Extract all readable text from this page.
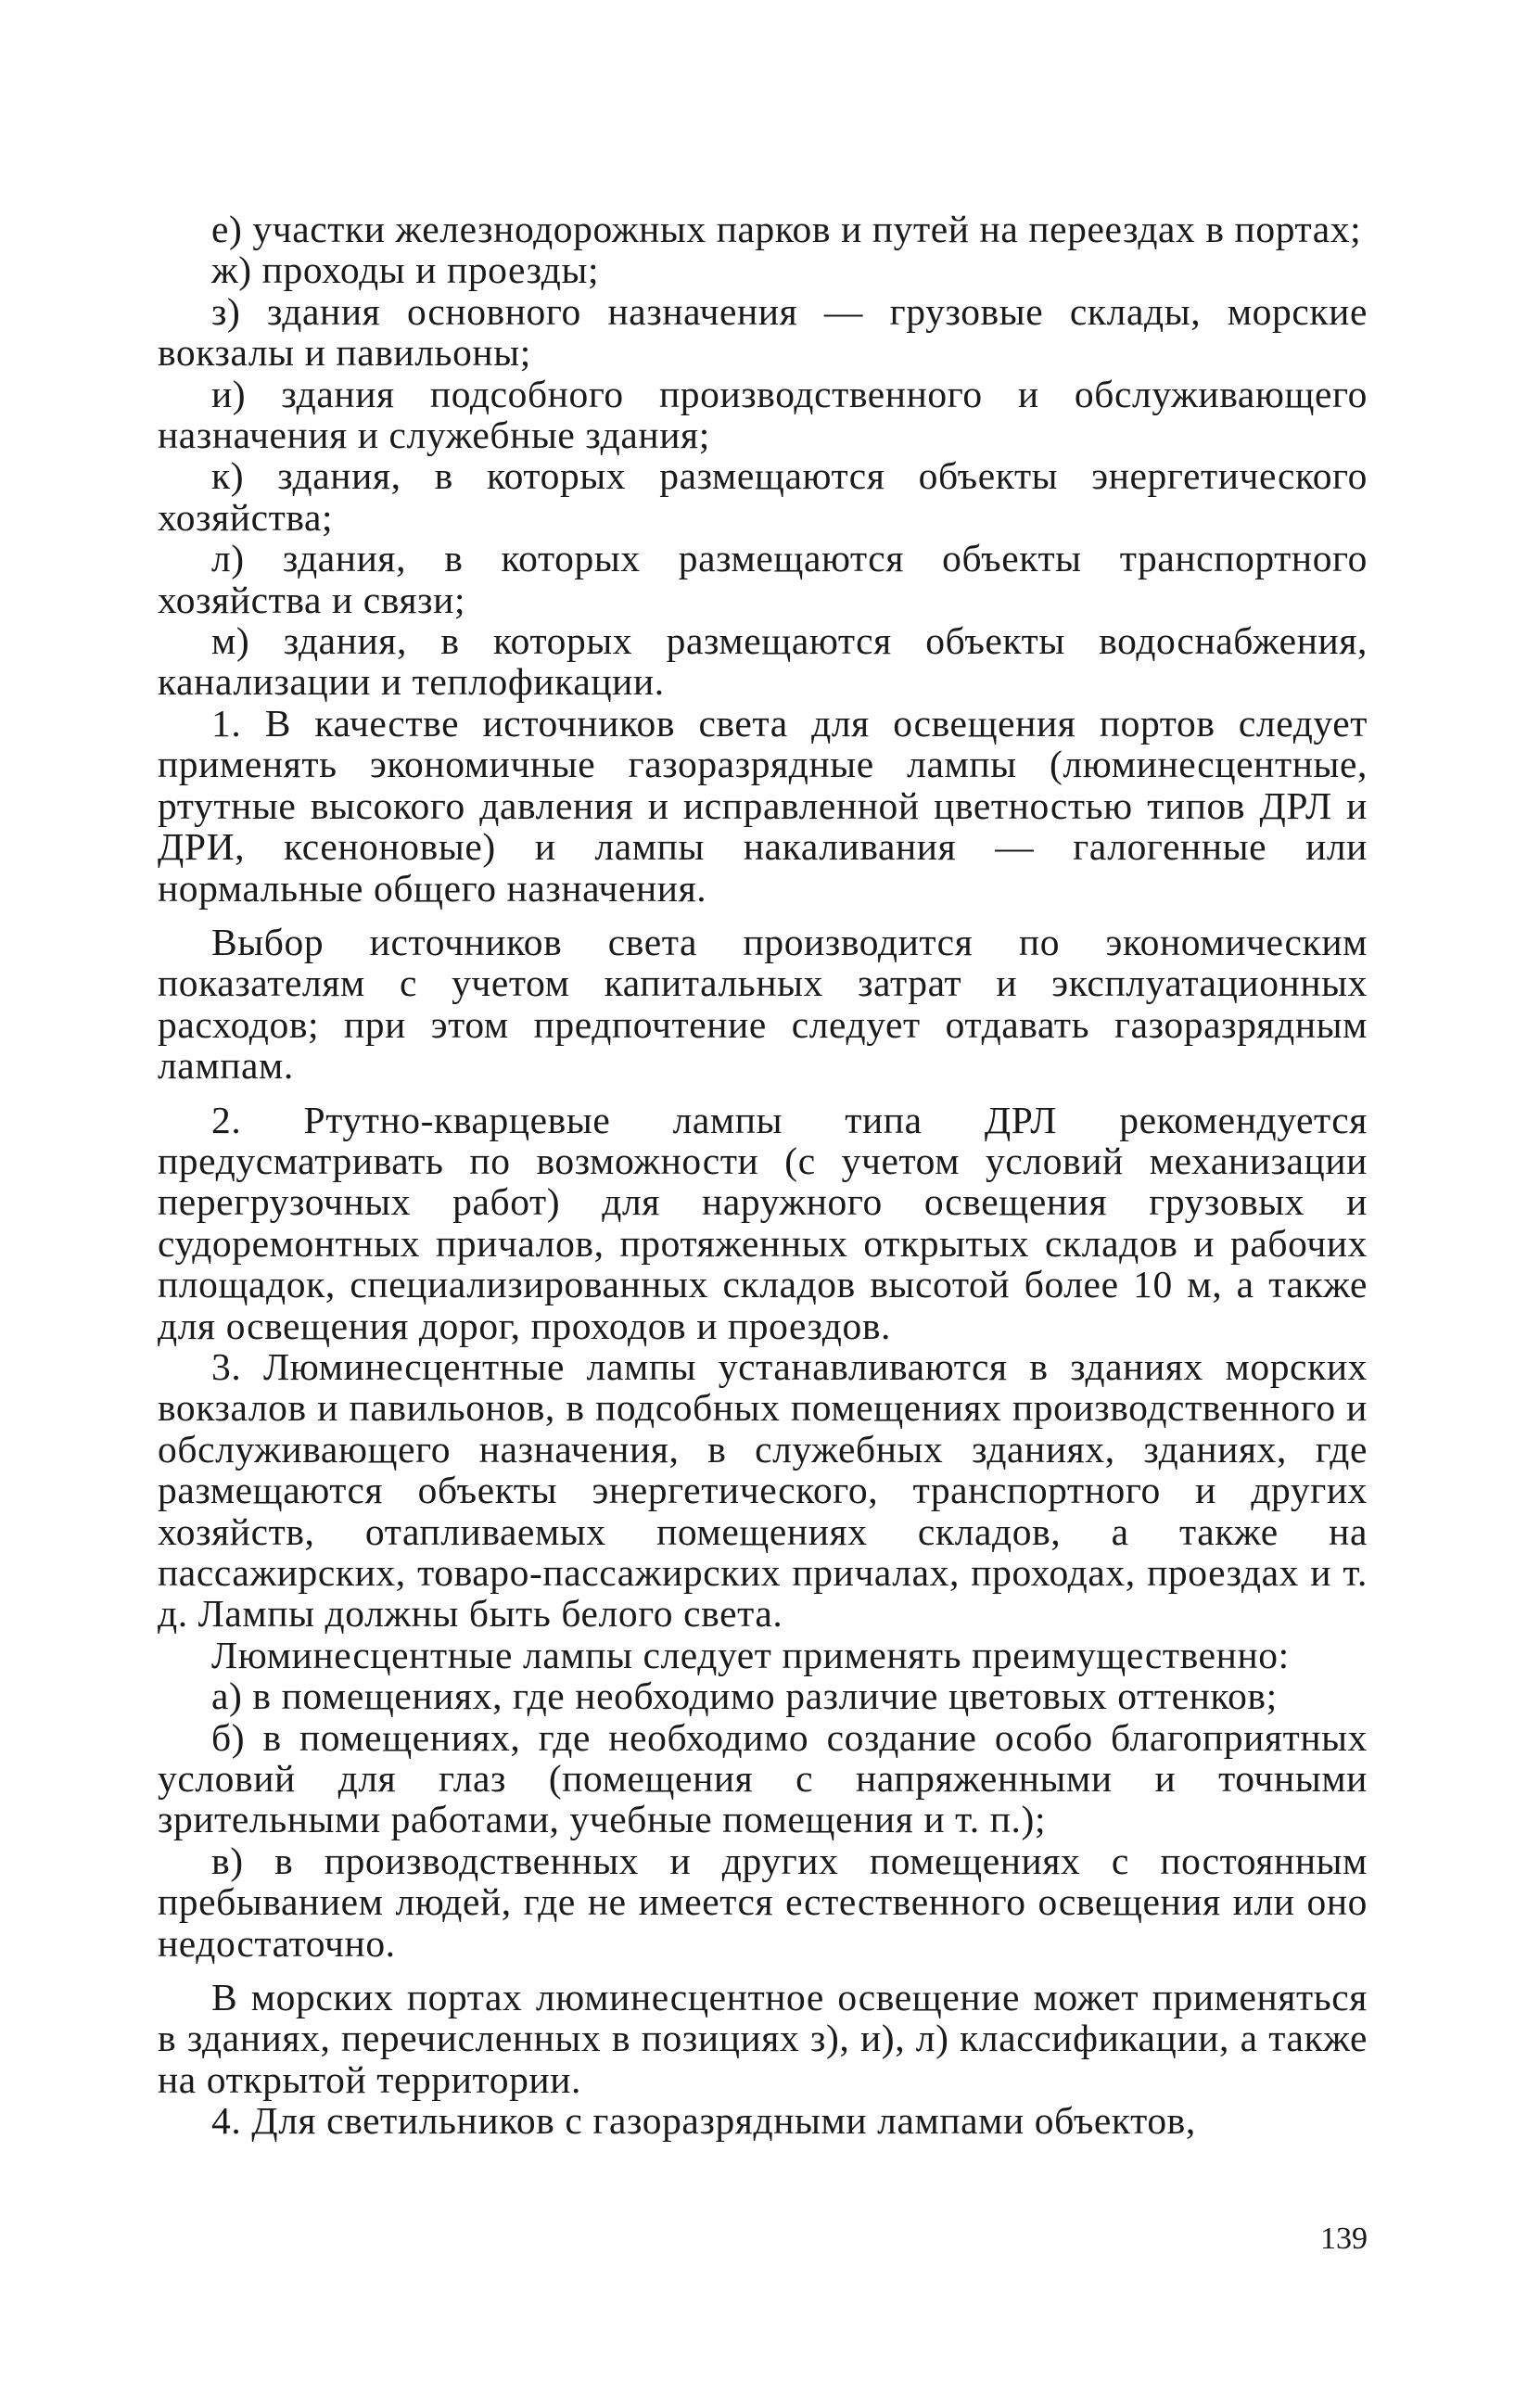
е) участки железнодорожных парков и путей на переездах в портах;

ж) проходы и проезды;

з) здания основного назначения — грузовые склады, морские вокзалы и павильоны;

и) здания подсобного производственного и обслуживающего назначения и служебные здания;

к) здания, в которых размещаются объекты энергетического хозяйства;

л) здания, в которых размещаются объекты транспортного хозяйства и связи;

м) здания, в которых размещаются объекты водоснабжения, канализации и теплофикации.

1. В качестве источников света для освещения портов следует применять экономичные газоразрядные лампы (люминесцентные, ртутные высокого давления и исправленной цветностью типов ДРЛ и ДРИ, ксеноновые) и лампы накаливания — галогенные или нормальные общего назначения.

Выбор источников света производится по экономическим показателям с учетом капитальных затрат и эксплуатационных расходов; при этом предпочтение следует отдавать газоразрядным лампам.

2. Ртутно-кварцевые лампы типа ДРЛ рекомендуется предусматривать по возможности (с учетом условий механизации перегрузочных работ) для наружного освещения грузовых и судоремонтных причалов, протяженных открытых складов и рабочих площадок, специализированных складов высотой более 10 м, а также для освещения дорог, проходов и проездов.

3. Люминесцентные лампы устанавливаются в зданиях морских вокзалов и павильонов, в подсобных помещениях производственного и обслуживающего назначения, в служебных зданиях, зданиях, где размещаются объекты энергетического, транспортного и других хозяйств, отапливаемых помещениях складов, а также на пассажирских, товаро-пассажирских причалах, проходах, проездах и т. д. Лампы должны быть белого света.

Люминесцентные лампы следует применять преимущественно:

а) в помещениях, где необходимо различие цветовых оттенков;

б) в помещениях, где необходимо создание особо благоприятных условий для глаз (помещения с напряженными и точными зрительными работами, учебные помещения и т. п.);

в) в производственных и других помещениях с постоянным пребыванием людей, где не имеется естественного освещения или оно недостаточно.

В морских портах люминесцентное освещение может применяться в зданиях, перечисленных в позициях з), и), л) классификации, а также на открытой территории.

4. Для светильников с газоразрядными лампами объектов,

139
